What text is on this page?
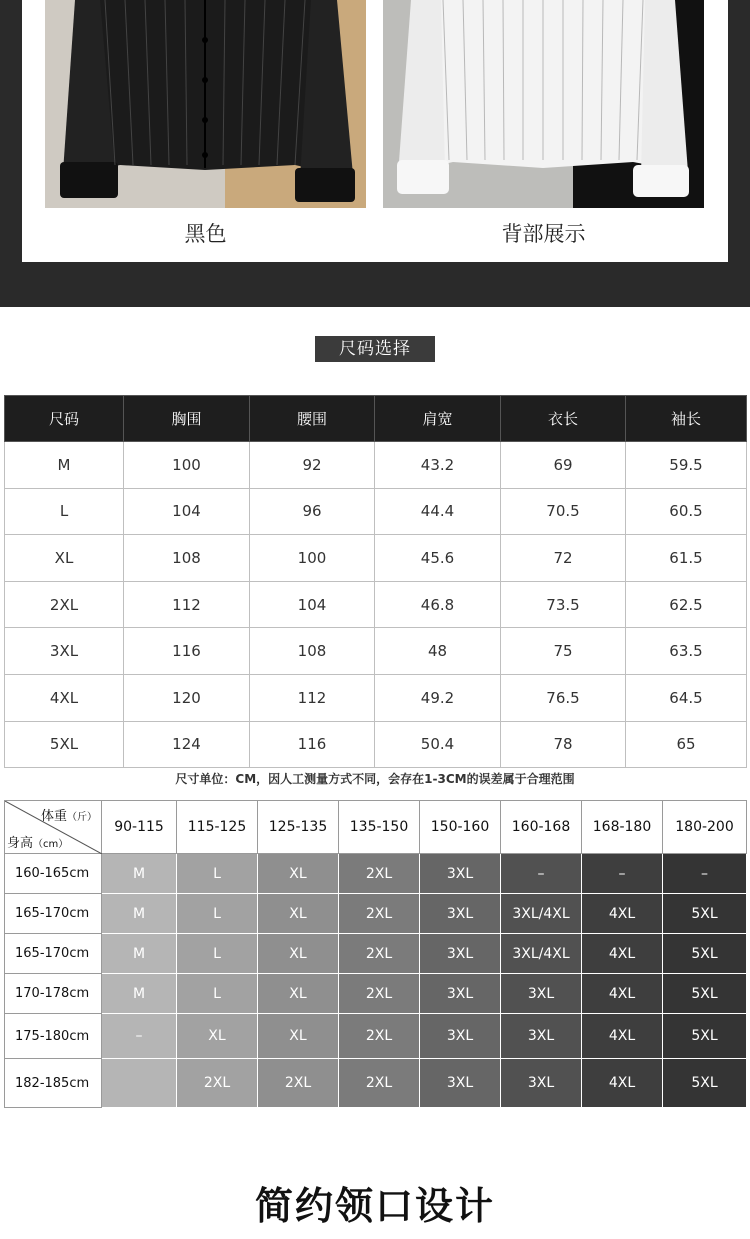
黑色	背部展示
尺码选择
尺码	胸围	腰围	肩宽	衣长	袖长
M	100	92	43.2	69	59.5
L	104	96	44.4	70.5	60.5
XL	108	100	45.6	72	61.5
2XL	112	104	46.8	73.5	62.5
3XL	116	108	48	75	63.5
4XL	120	112	49.2	76.5	64.5
5XL	124	116	50.4	78	65
尺寸单位：CM，因人工测量方式不同，会存在1-3CM的误差属于合理范围
体重（斤）
身高（cm）	90-115	115-125	125-135	135-150	150-160	160-168	168-180	180-200
160-165cm	M	L	XL	2XL	3XL	–	–	–
165-170cm	M	L	XL	2XL	3XL	3XL/4XL	4XL	5XL
165-170cm	M	L	XL	2XL	3XL	3XL/4XL	4XL	5XL
170-178cm	M	L	XL	2XL	3XL	3XL	4XL	5XL
175-180cm	–	XL	XL	2XL	3XL	3XL	4XL	5XL
182-185cm		2XL	2XL	2XL	3XL	3XL	4XL	5XL
简约领口设计
